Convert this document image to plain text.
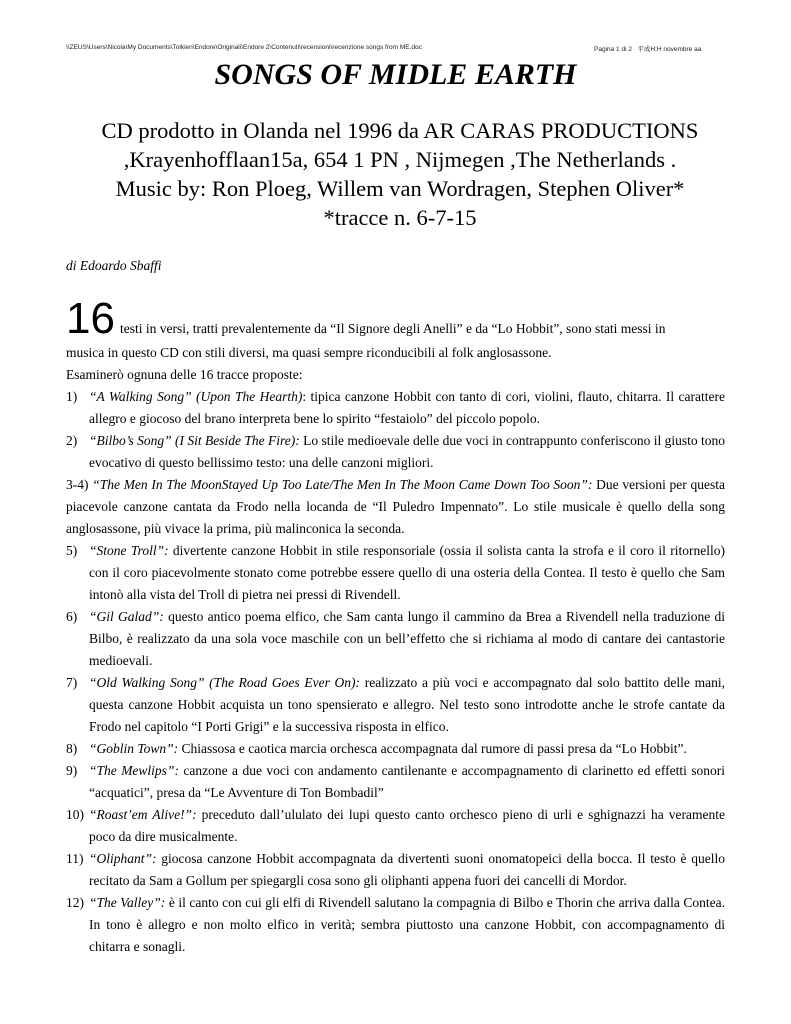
\\ZEUS\Users\Nicola\My Documents\Tolkien\Endore\Originali\Endore 2\Contenuti\recensioni\recenzione songs from ME.doc	Pagina 1 di 2 平成H:H novembre aa
SONGS OF MIDLE EARTH
CD prodotto in Olanda nel 1996 da AR CARAS PRODUCTIONS
,Krayenhofflaan15a, 654 1 PN , Nijmegen ,The Netherlands .
Music by: Ron Ploeg, Willem van Wordragen, Stephen Oliver*
*tracce n. 6-7-15
di Edoardo Sbaffi
16 testi in versi, tratti prevalentemente da “Il Signore degli Anelli” e da “Lo Hobbit”, sono stati messi in

musica in questo CD con stili diversi, ma quasi sempre riconducibili al folk anglosassone.

Esaminerò ognuna delle 16 tracce proposte:

1) “A Walking Song” (Upon The Hearth): tipica canzone Hobbit con tanto di cori, violini, flauto, chitarra. Il carattere allegro e giocoso del brano interpreta bene lo spirito “festaiolo” del piccolo popolo.

2) “Bilbo’s Song” (I Sit Beside The Fire): Lo stile medioevale delle due voci in contrappunto conferiscono il giusto tono evocativo di questo bellissimo testo: una delle canzoni migliori.

3-4) “The Men In The MoonStayed Up Too Late/The Men In The Moon Came Down Too Soon”: Due versioni per questa piacevole canzone cantata da Frodo nella locanda de “Il Puledro Impennato”. Lo stile musicale è quello della song anglosassone, più vivace la prima, più malinconica la seconda.

5) “Stone Troll”: divertente canzone Hobbit in stile responsoriale (ossia il solista canta la strofa e il coro il ritornello) con il coro piacevolmente stonato come potrebbe essere quello di una osteria della Contea. Il testo è quello che Sam intonò alla vista del Troll di pietra nei pressi di Rivendell.

6) “Gil Galad”: questo antico poema elfico, che Sam canta lungo il cammino da Brea a Rivendell nella traduzione di Bilbo, è realizzato da una sola voce maschile con un bell’effetto che si richiama al modo di cantare dei cantastorie medioevali.

7) “Old Walking Song” (The Road Goes Ever On): realizzato a più voci e accompagnato dal solo battito delle mani, questa canzone Hobbit acquista un tono spensierato e allegro. Nel testo sono introdotte anche le strofe cantate da Frodo nel capitolo “I Porti Grigi” e la successiva risposta in elfico.

8) “Goblin Town”: Chiassosa e caotica marcia orchesca accompagnata dal rumore di passi presa da “Lo Hobbit”.

9) “The Mewlips”: canzone a due voci con andamento cantilenante e accompagnamento di clarinetto ed effetti sonori “acquatici”, presa da “Le Avventure di Ton Bombadil”

10) “Roast’em Alive!”: preceduto dall’ululato dei lupi questo canto orchesco pieno di urli e sghignazzi ha veramente poco da dire musicalmente.

11) “Oliphant”: giocosa canzone Hobbit accompagnata da divertenti suoni onomatopeici della bocca. Il testo è quello recitato da Sam a Gollum per spiegargli cosa sono gli oliphanti appena fuori dei cancelli di Mordor.

12) “The Valley”: è il canto con cui gli elfi di Rivendell salutano la compagnia di Bilbo e Thorin che arriva dalla Contea. In tono è allegro e non molto elfico in verità; sembra piuttosto una canzone Hobbit, con accompagnamento di chitarra e sonagli.
